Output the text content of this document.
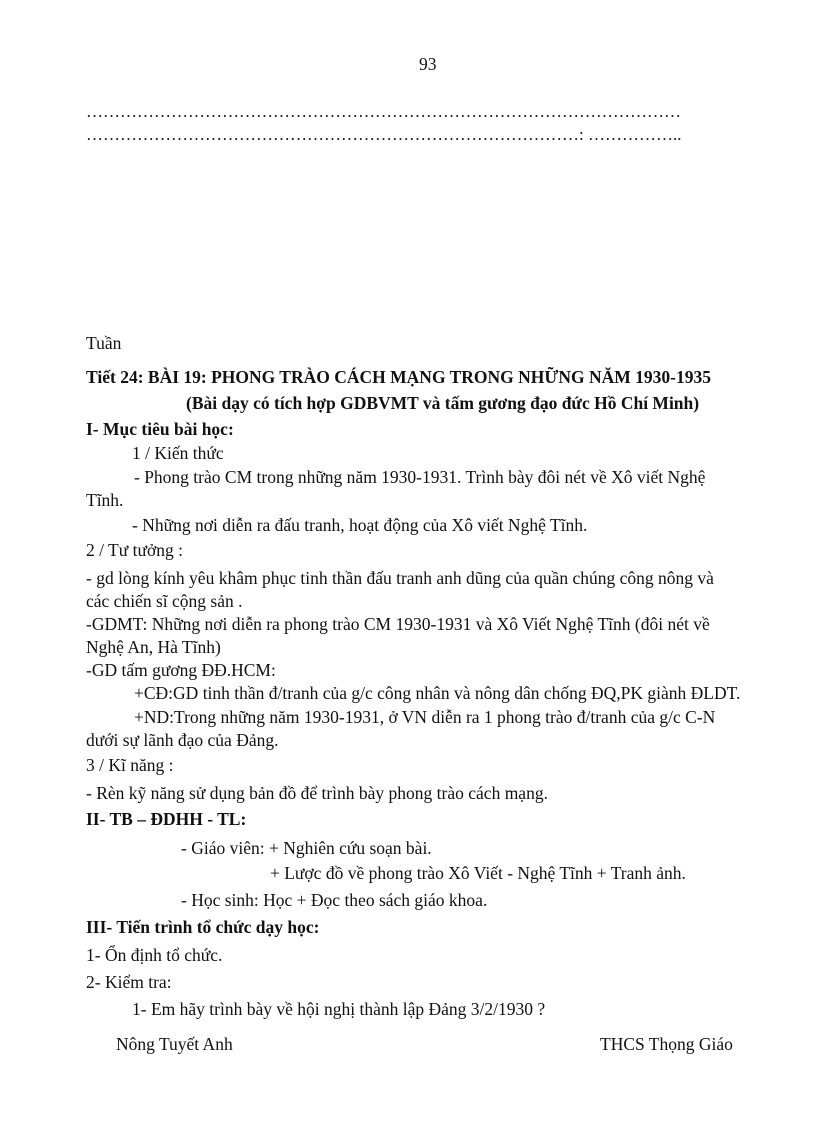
93
……………………………………………………………………………………………
……………………………………………………………………………: ……………..
Tuần
Tiết 24: BÀI 19: PHONG TRÀO CÁCH MẠNG TRONG NHỮNG NĂM 1930-1935
(Bài dạy có tích hợp GDBVMT và tấm gương đạo đức Hồ Chí Minh)
I- Mục tiêu bài học:
1 / Kiến thức
- Phong trào CM trong những năm 1930-1931. Trình bày đôi nét về Xô viết Nghệ
Tĩnh.
- Những nơi diễn ra đấu tranh, hoạt động của Xô viết Nghệ Tĩnh.
2 / Tư tưởng :
- gd lòng kính yêu khâm phục tinh thần đấu tranh anh dũng của quần chúng công nông và
các chiến sĩ cộng sản .
-GDMT: Những nơi diễn ra phong trào CM 1930-1931 và Xô Viết Nghệ Tĩnh (đôi nét về
Nghệ An, Hà Tĩnh)
-GD tấm gương ĐĐ.HCM:
+CĐ:GD tinh thần đ/tranh của g/c công nhân và nông dân chống ĐQ,PK giành ĐLDT.
+ND:Trong những năm 1930-1931, ở VN diễn ra 1 phong trào đ/tranh của g/c C-N
dưới sự lãnh đạo của Đảng.
3 / Kĩ năng :
- Rèn kỹ năng sử dụng bản đồ để trình bày phong trào cách mạng.
II- TB – ĐDHH - TL:
- Giáo viên: + Nghiên cứu soạn bài.
+ Lược đồ về phong trào Xô Viết - Nghệ Tĩnh + Tranh ảnh.
- Học sinh: Học + Đọc theo sách giáo khoa.
III- Tiến trình tổ chức dạy học:
1- Ổn định tổ chức.
2- Kiểm tra:
1- Em hãy trình bày về hội nghị thành lập Đảng 3/2/1930 ?
Nông Tuyết Anh	THCS Thọng Giáo
